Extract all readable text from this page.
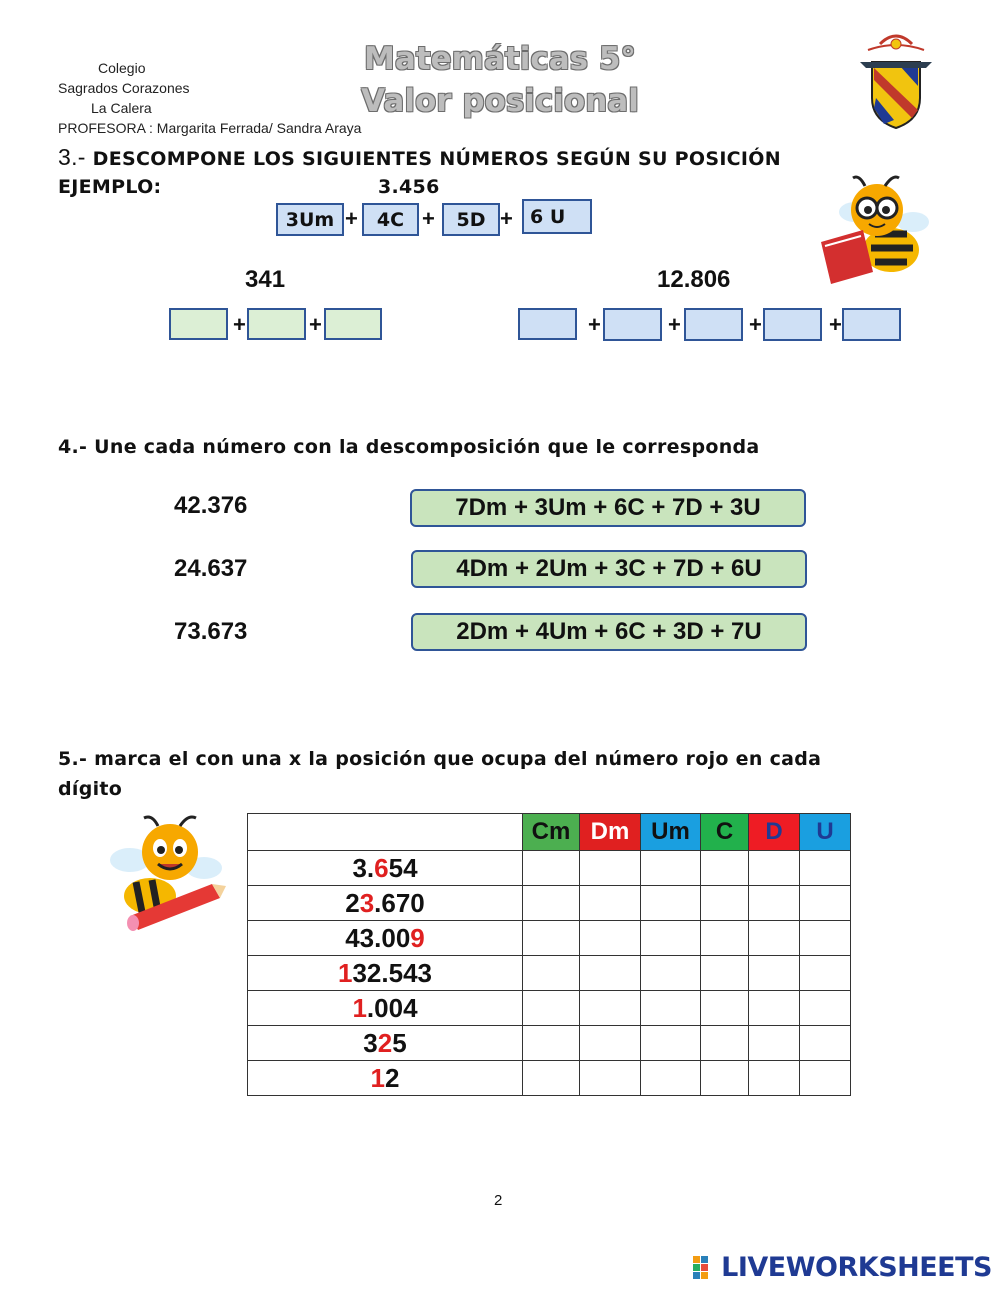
Colegio
Sagrados Corazones
La Calera
PROFESORA : Margarita Ferrada/ Sandra Araya
Matemáticas 5°
Valor posicional
3.- DESCOMPONE LOS SIGUIENTES NÚMEROS SEGÚN SU POSICIÓN
EJEMPLO:	3.456
3Um +	4C +	5D + 6 U
341	12.806
+	+	+	+	+	+
4.- Une cada número con la descomposición que le corresponda
42.376
24.637
73.673
7Dm + 3Um + 6C + 7D + 3U
4Dm + 2Um + 3C + 7D + 6U
2Dm + 4Um + 6C + 3D + 7U
5.- marca el con una x la posición que ocupa del número rojo en cada
dígito
	Cm	Dm	Um	C	D	U
3.654						
23.670						
43.009						
132.543						
1.004						
325						
12						
2
LIVEWORKSHEETS
